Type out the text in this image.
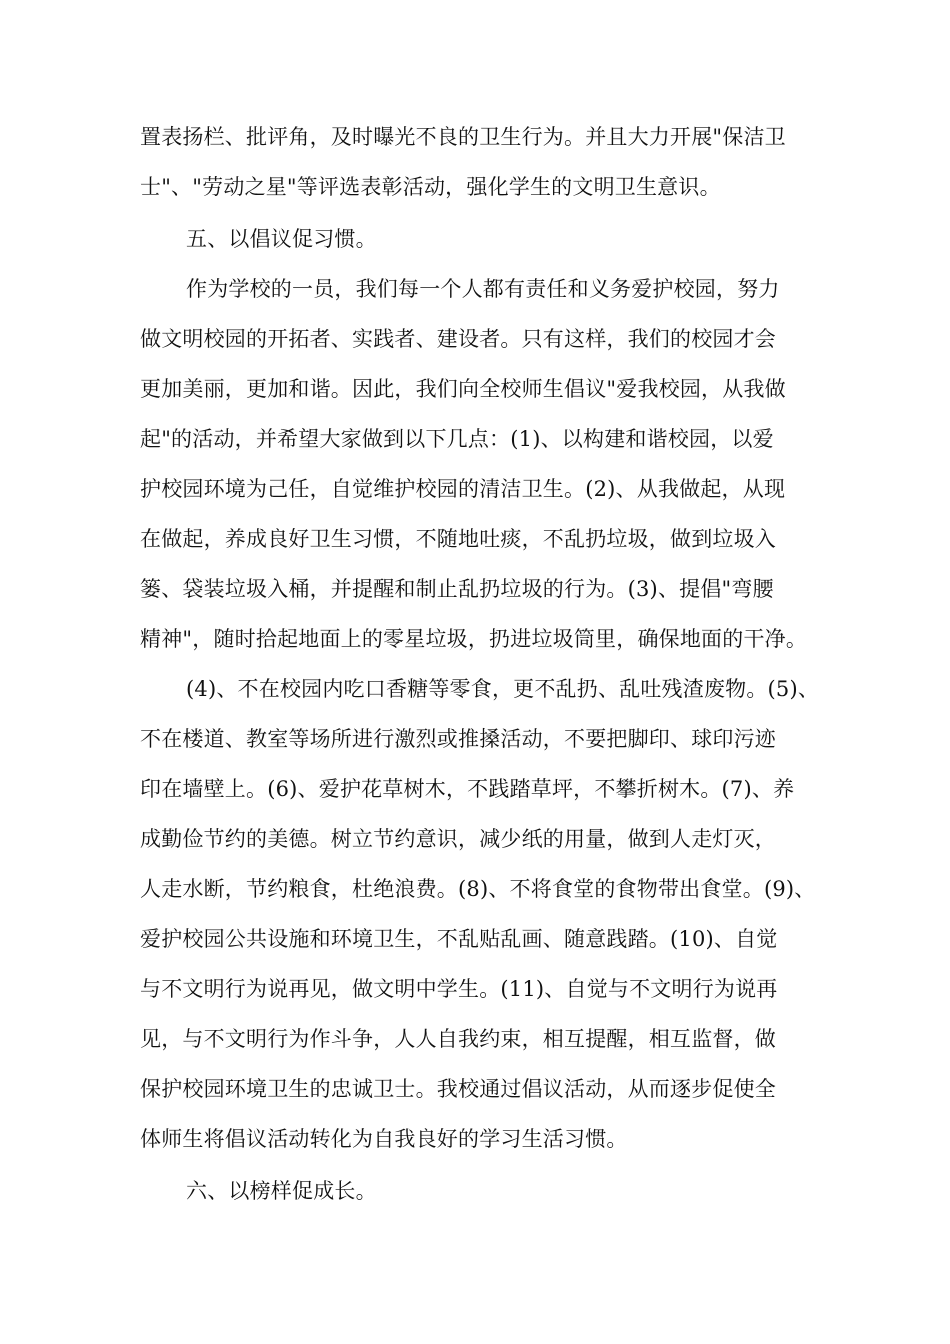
置表扬栏、批评角，及时曝光不良的卫生行为。并且大力开展"保洁卫
士"、"劳动之星"等评选表彰活动，强化学生的文明卫生意识。
五、以倡议促习惯。
作为学校的一员，我们每一个人都有责任和义务爱护校园，努力
做文明校园的开拓者、实践者、建设者。只有这样，我们的校园才会
更加美丽，更加和谐。因此，我们向全校师生倡议"爱我校园，从我做
起"的活动，并希望大家做到以下几点：(1)、以构建和谐校园，以爱
护校园环境为己任，自觉维护校园的清洁卫生。(2)、从我做起，从现
在做起，养成良好卫生习惯，不随地吐痰，不乱扔垃圾，做到垃圾入
篓、袋装垃圾入桶，并提醒和制止乱扔垃圾的行为。(3)、提倡"弯腰
精神"，随时拾起地面上的零星垃圾，扔进垃圾筒里，确保地面的干净。
(4)、不在校园内吃口香糖等零食，更不乱扔、乱吐残渣废物。(5)、
不在楼道、教室等场所进行激烈或推搡活动，不要把脚印、球印污迹
印在墙壁上。(6)、爱护花草树木，不践踏草坪，不攀折树木。(7)、养
成勤俭节约的美德。树立节约意识，减少纸的用量，做到人走灯灭，
人走水断，节约粮食，杜绝浪费。(8)、不将食堂的食物带出食堂。(9)、
爱护校园公共设施和环境卫生，不乱贴乱画、随意践踏。(10)、自觉
与不文明行为说再见，做文明中学生。(11)、自觉与不文明行为说再
见，与不文明行为作斗争，人人自我约束，相互提醒，相互监督，做
保护校园环境卫生的忠诚卫士。我校通过倡议活动，从而逐步促使全
体师生将倡议活动转化为自我良好的学习生活习惯。
六、以榜样促成长。
